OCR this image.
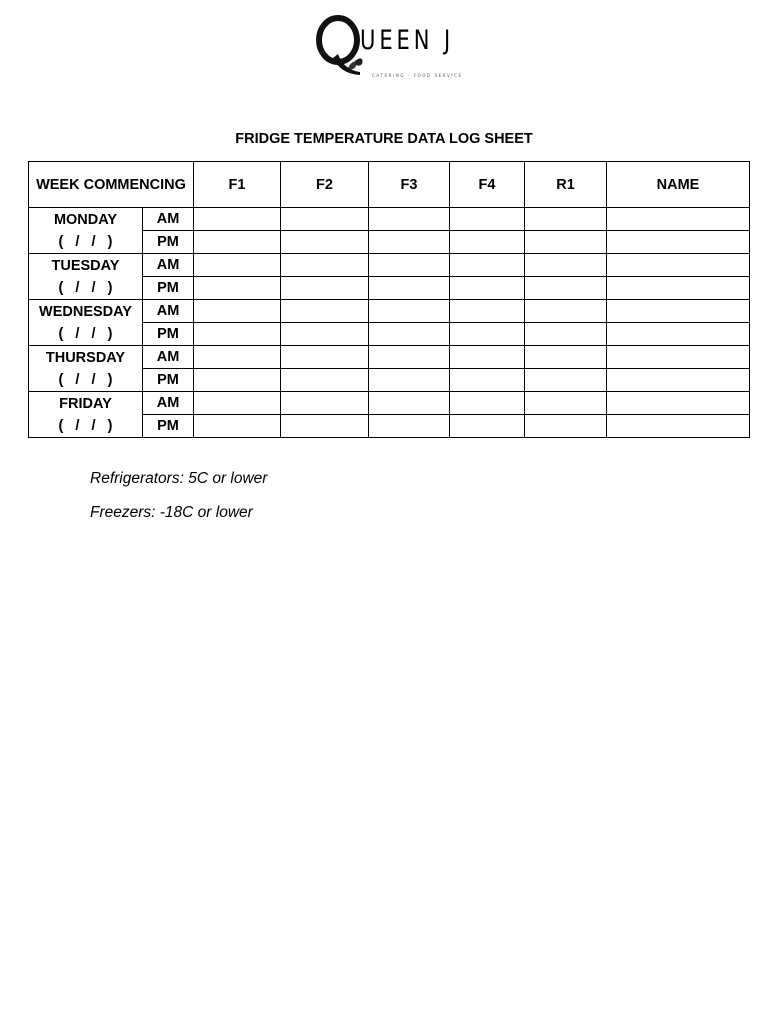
UEEN J
CATERING · FOOD SERVICE
FRIDGE TEMPERATURE DATA LOG SHEET
WEEK COMMENCING		F1	F2	F3	F4	R1	NAME

MONDAY
(   /   /   )	AM						
	PM						

TUESDAY
(   /   /   )	AM						
	PM						

WEDNESDAY
(   /   /   )	AM						
	PM						

THURSDAY
(   /   /   )	AM						
	PM						

FRIDAY
(   /   /   )	AM						
	PM						

Refrigerators: 5C or lower

Freezers: -18C or lower
